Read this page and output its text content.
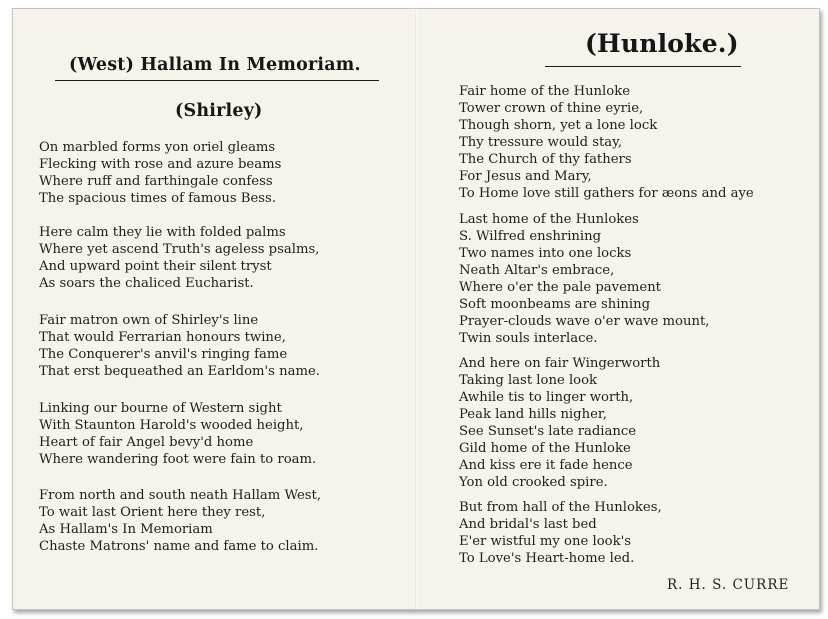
(West) Hallam In Memoriam.
(Shirley)
On marbled forms yon oriel gleams
Flecking with rose and azure beams
Where ruff and farthingale confess
The spacious times of famous Bess.
Here calm they lie with folded palms
Where yet ascend Truth's ageless psalms,
And upward point their silent tryst
As soars the chaliced Eucharist.
Fair matron own of Shirley's line
That would Ferrarian honours twine,
The Conquerer's anvil's ringing fame
That erst bequeathed an Earldom's name.
Linking our bourne of Western sight
With Staunton Harold's wooded height,
Heart of fair Angel bevy'd home
Where wandering foot were fain to roam.
From north and south neath Hallam West,
To wait last Orient here they rest,
As Hallam's In Memoriam
Chaste Matrons' name and fame to claim.
(Hunloke.)
Fair home of the Hunloke
Tower crown of thine eyrie,
Though shorn, yet a lone lock
Thy tressure would stay,
The Church of thy fathers
For Jesus and Mary,
To Home love still gathers for æons and aye
Last home of the Hunlokes
S. Wilfred enshrining
Two names into one locks
Neath Altar's embrace,
Where o'er the pale pavement
Soft moonbeams are shining
Prayer-clouds wave o'er wave mount,
Twin souls interlace.
And here on fair Wingerworth
Taking last lone look
Awhile tis to linger worth,
Peak land hills nigher,
See Sunset's late radiance
Gild home of the Hunloke
And kiss ere it fade hence
Yon old crooked spire.
But from hall of the Hunlokes,
And bridal's last bed
E'er wistful my one look's
To Love's Heart-home led.
R. H. S. CURRE
